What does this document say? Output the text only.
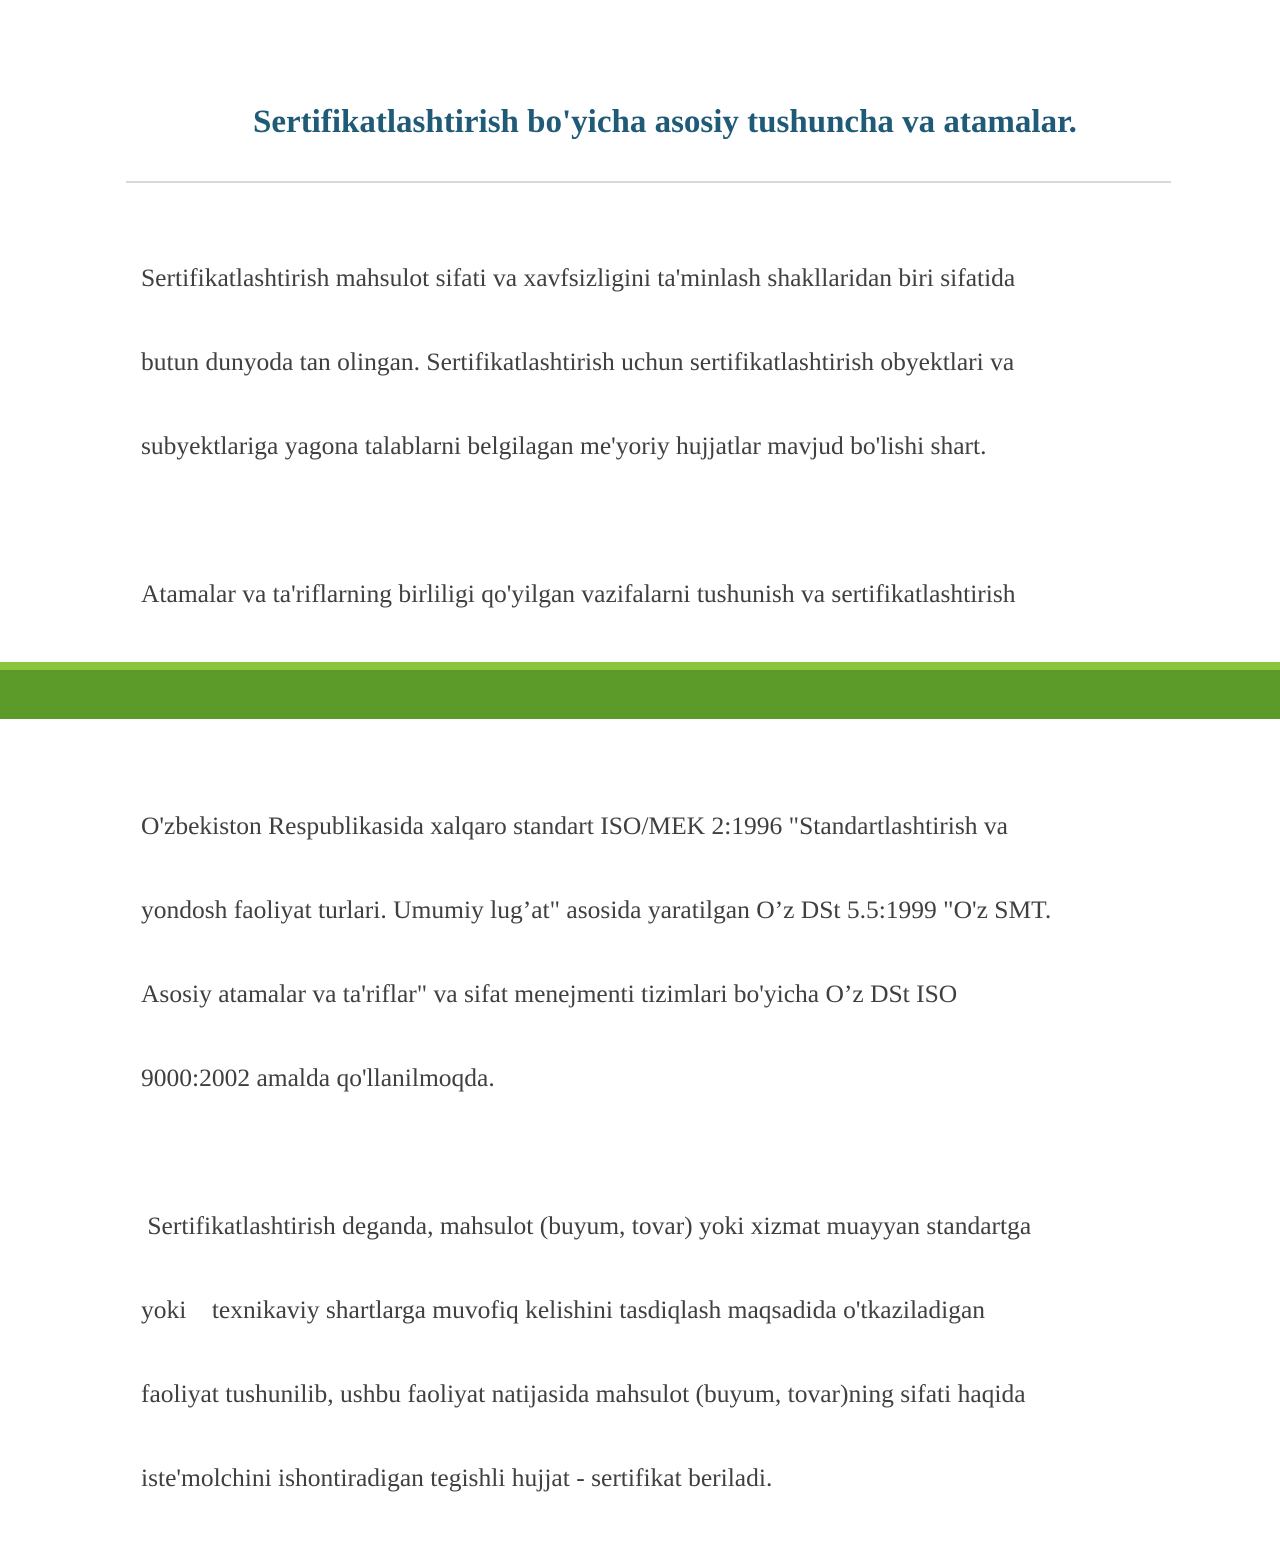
Sertifikatlashtirish bo'yicha asosiy tushuncha va atamalar.

Sertifikatlashtirish mahsulot sifati va xavfsizligini ta'minlash shakllaridan biri sifatida

butun dunyoda tan olingan. Sertifikatlashtirish uchun sertifikatlashtirish obyektlari va

subyektlariga yagona talablarni belgilagan me'yoriy hujjatlar mavjud bo'lishi shart.

Atamalar va ta'riflarning birliligi qo'yilgan vazifalarni tushunish va sertifikatlashtirish

O'zbekiston Respublikasida xalqaro standart ISO/MEK 2:1996 "Standartlashtirish va

yondosh faoliyat turlari. Umumiy lug’at" asosida yaratilgan O’z DSt 5.5:1999 "O'z SMT.

Asosiy atamalar va ta'riflar" va sifat menejmenti tizimlari bo'yicha O’z DSt ISO

9000:2002 amalda qo'llanilmoqda.

Sertifikatlashtirish deganda, mahsulot (buyum, tovar) yoki xizmat muayyan standartga

yoki    texnikaviy shartlarga muvofiq kelishini tasdiqlash maqsadida o'tkaziladigan

faoliyat tushunilib, ushbu faoliyat natijasida mahsulot (buyum, tovar)ning sifati haqida

iste'molchini ishontiradigan tegishli hujjat - sertifikat beriladi.
